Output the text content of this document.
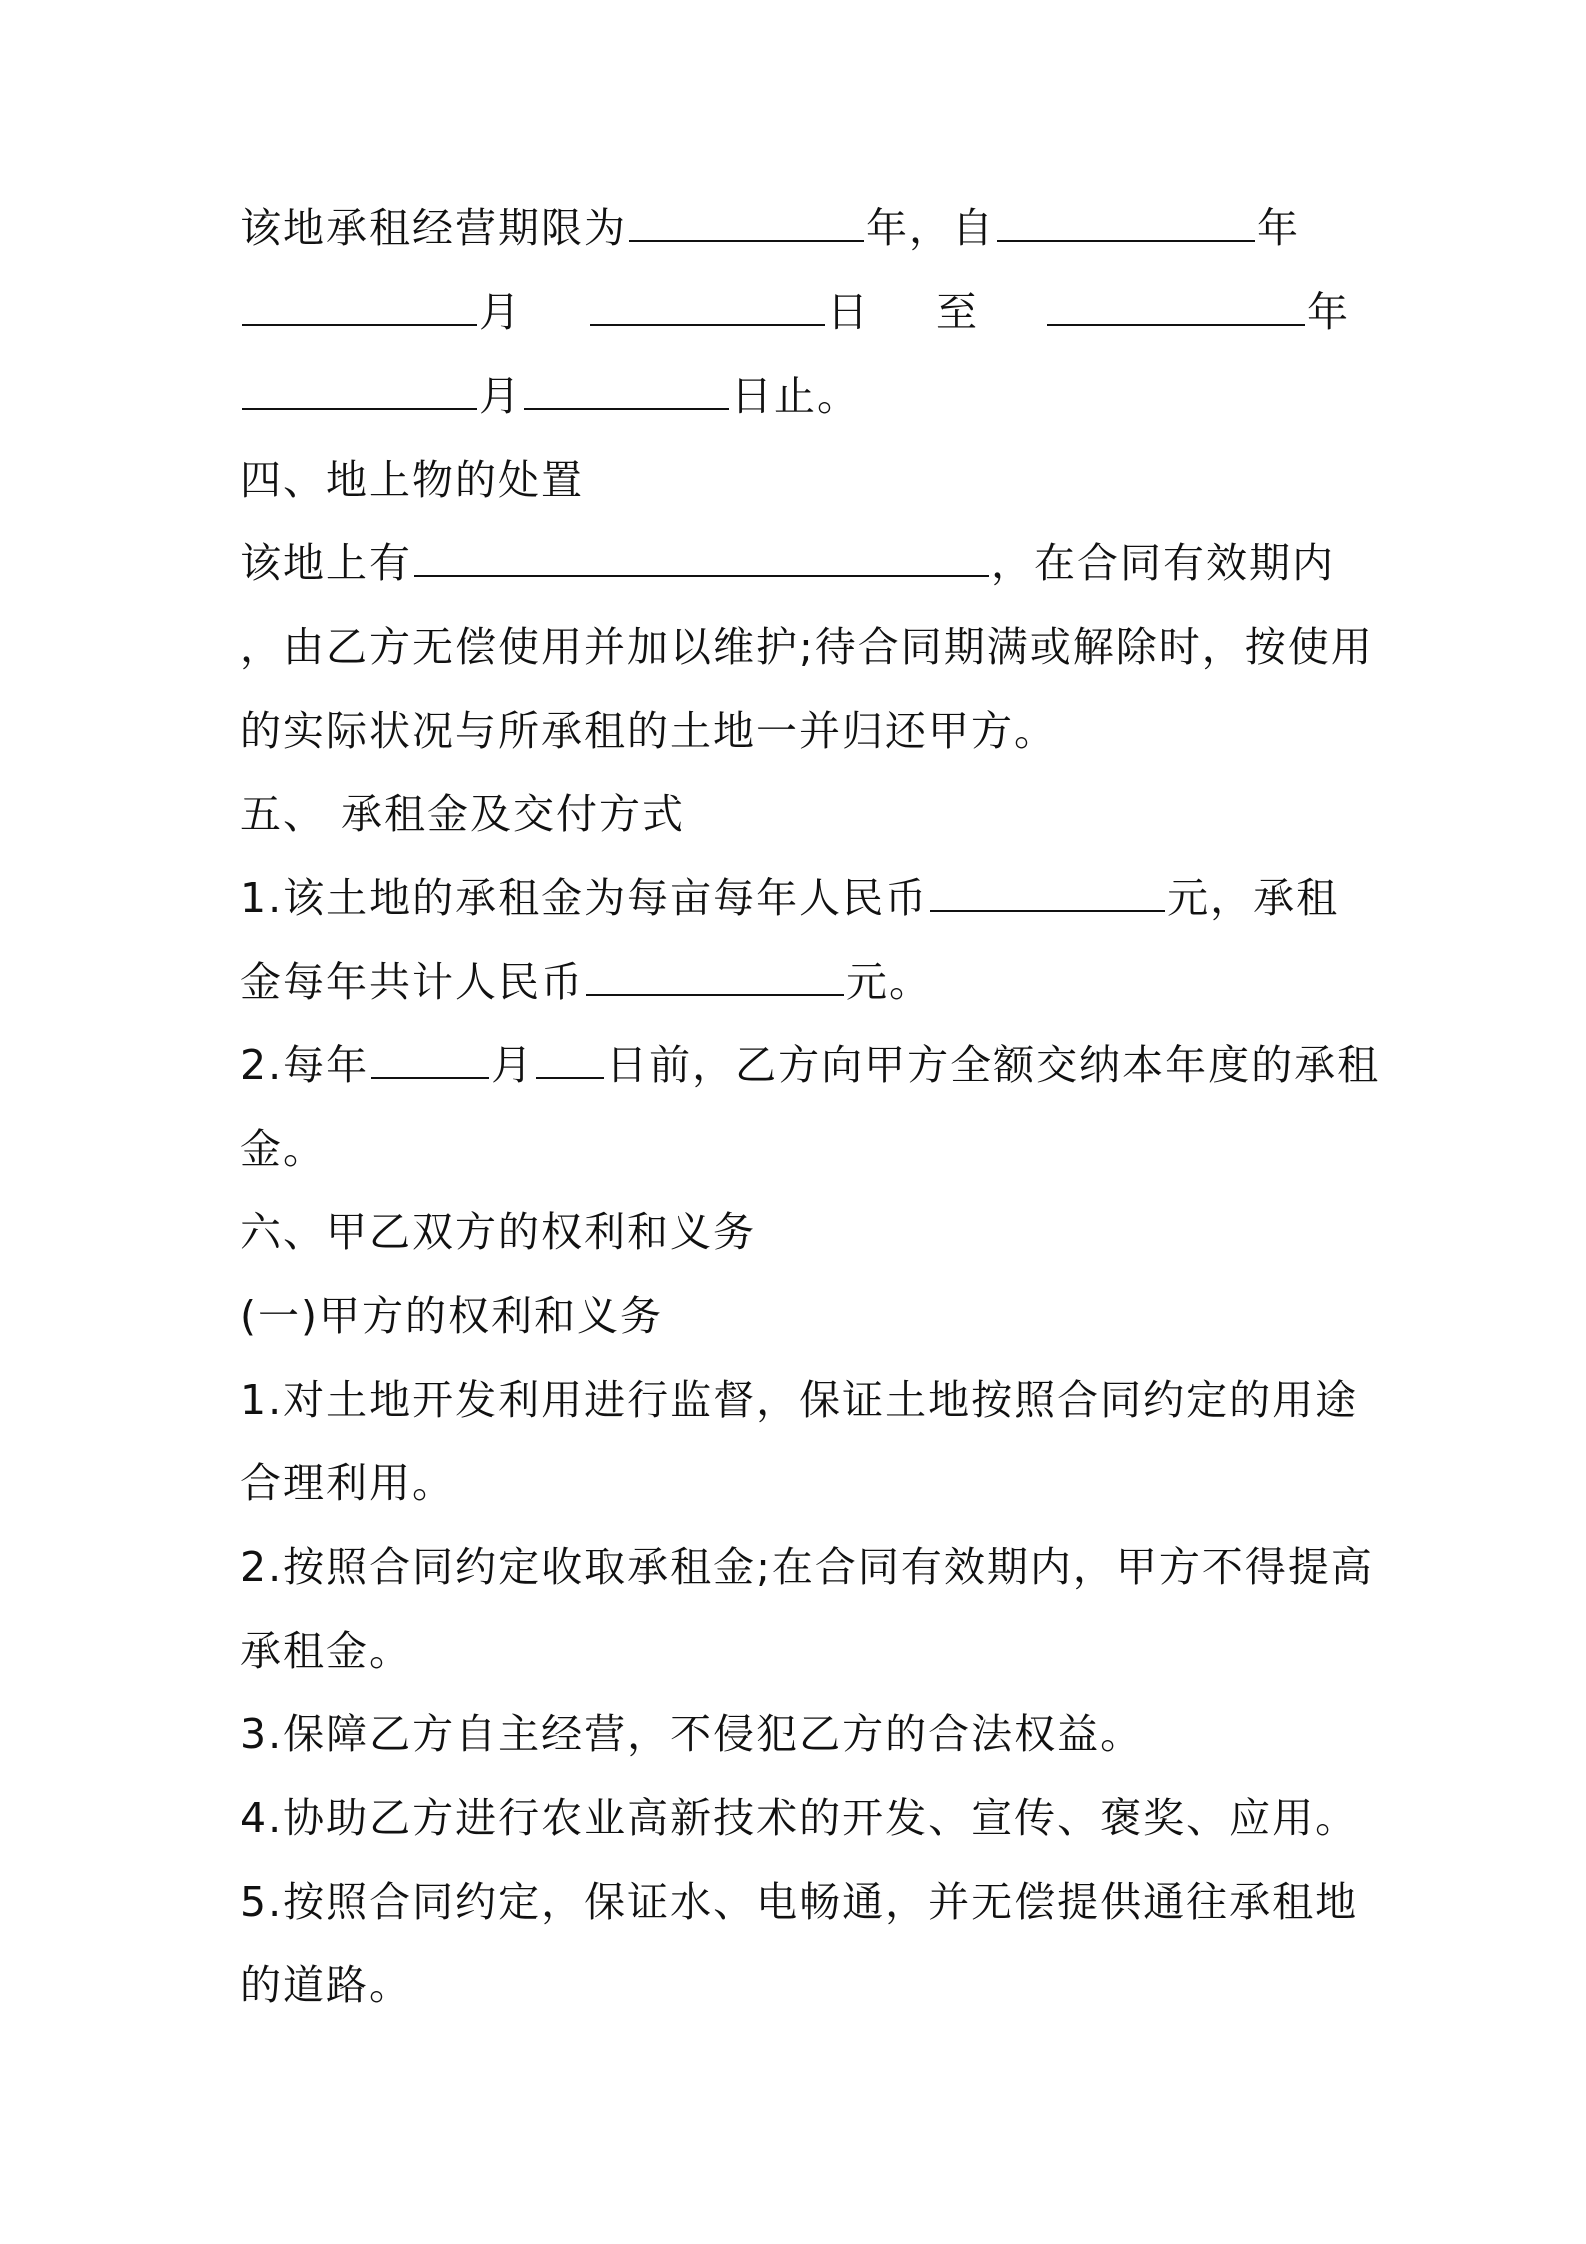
该地承租经营期限为	年，自	年
月	日 至	年
月	日止。
四、地上物的处置
该地上有	，在合同有效期内
，由乙方无偿使用并加以维护;待合同期满或解除时，按使用
的实际状况与所承租的土地一并归还甲方。
五、 承租金及交付方式
1.该土地的承租金为每亩每年人民币	元，承租
金每年共计人民币	元。
2.每年	月 日前，乙方向甲方全额交纳本年度的承租
金。
六、甲乙双方的权利和义务
(一)甲方的权利和义务
1.对土地开发利用进行监督，保证土地按照合同约定的用途
合理利用。
2.按照合同约定收取承租金;在合同有效期内，甲方不得提高
承租金。
3.保障乙方自主经营，不侵犯乙方的合法权益。
4.协助乙方进行农业高新技术的开发、宣传、褒奖、应用。
5.按照合同约定，保证水、电畅通，并无偿提供通往承租地
的道路。
